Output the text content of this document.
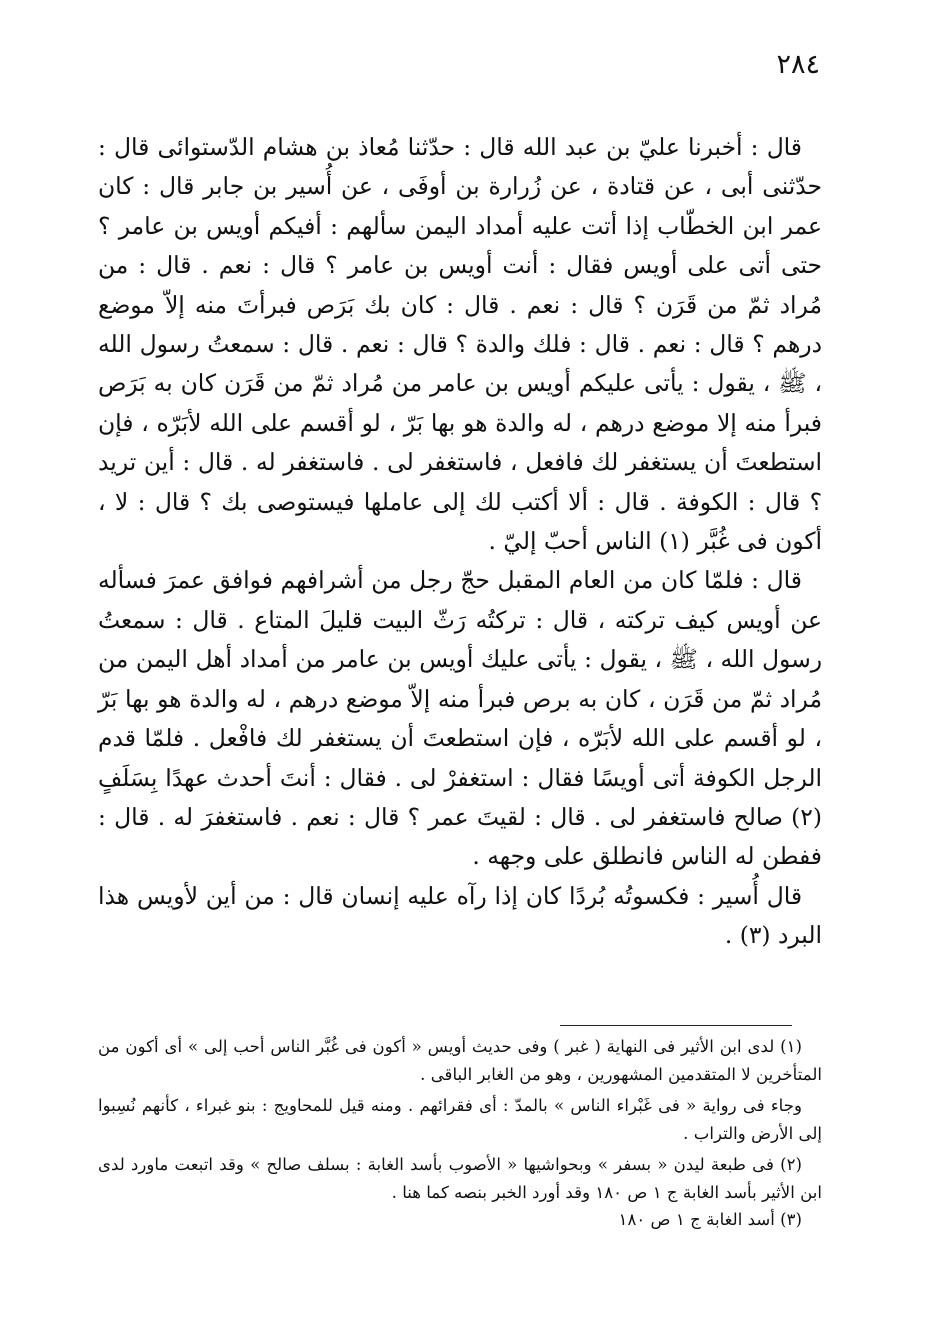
٢٨٤

قال : أخبرنا عليّ بن عبد الله قال : حدّثنا مُعاذ بن هشام الدّستوائى قال : حدّثنى أبى ، عن قتادة ، عن زُرارة بن أوفَى ، عن أُسير بن جابر قال : كان عمر ابن الخطّاب إذا أتت عليه أمداد اليمن سألهم : أفيكم أويس بن عامر ؟ حتى أتى على أويس فقال : أنت أويس بن عامر ؟ قال : نعم . قال : من مُراد ثمّ من قَرَن ؟ قال : نعم . قال : كان بك بَرَص فبرأتَ منه إلاّ موضع درهم ؟ قال : نعم . قال : فلك والدة ؟ قال : نعم . قال : سمعتُ رسول الله ، ﷺ ، يقول : يأتى عليكم أويس بن عامر من مُراد ثمّ من قَرَن كان به بَرَص فبرأ منه إلا موضع درهم ، له والدة هو بها بَرّ ، لو أقسم على الله لأبَرّه ، فإن استطعتَ أن يستغفر لك فافعل ، فاستغفر لى . فاستغفر له . قال : أين تريد ؟ قال : الكوفة . قال : ألا أكتب لك إلى عاملها فيستوصى بك ؟ قال : لا ، أكون فى غُبَّر (١) الناس أحبّ إليّ .

قال : فلمّا كان من العام المقبل حجّ رجل من أشرافهم فوافق عمرَ فسأله عن أويس كيف تركته ، قال : تركتُه رَثّ البيت قليلَ المتاع . قال : سمعتُ رسول الله ، ﷺ ، يقول : يأتى عليك أويس بن عامر من أمداد أهل اليمن من مُراد ثمّ من قَرَن ، كان به برص فبرأ منه إلاّ موضع درهم ، له والدة هو بها بَرّ ، لو أقسم على الله لأبَرّه ، فإن استطعتَ أن يستغفر لك فافْعل . فلمّا قدم الرجل الكوفة أتى أويسًا فقال : استغفرْ لى . فقال : أنتَ أحدث عهدًا بِسَلَفٍ (٢) صالح فاستغفر لى . قال : لقيتَ عمر ؟ قال : نعم . فاستغفرَ له . قال : ففطن له الناس فانطلق على وجهه .

قال أُسير : فكسوتُه بُردًا كان إذا رآه عليه إنسان قال : من أين لأويس هذا البرد (٣) .

(١) لدى ابن الأثير فى النهاية ( غبر ) وفى حديث أويس « أكون فى غُبَّر الناس أحب إلى » أى أكون من المتأخرين لا المتقدمين المشهورين ، وهو من الغابر الباقى .

وجاء فى رواية « فى غَبْراء الناس » بالمدّ : أى فقرائهم . ومنه قيل للمحاويج : بنو غبراء ، كأنهم نُسِبوا إلى الأرض والتراب .

(٢) فى طبعة ليدن « بسفر » وبحواشيها « الأصوب بأسد الغابة : بسلف صالح » وقد اتبعت ماورد لدى ابن الأثير بأسد الغابة ج ١ ص ١٨٠ وقد أورد الخبر بنصه كما هنا .

(٣) أسد الغابة ج ١ ص ١٨٠
